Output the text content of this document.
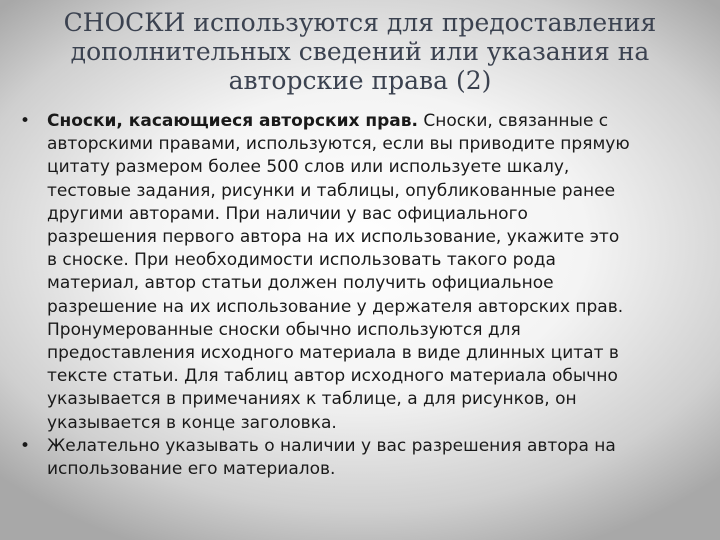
СНОСКИ используются для предоставления
дополнительных сведений или указания на
авторские права (2)
• Сноски, касающиеся авторских прав. Сноски, связанные с
авторскими правами, используются, если вы приводите прямую
цитату размером более 500 слов или используете шкалу,
тестовые задания, рисунки и таблицы, опубликованные ранее
другими авторами. При наличии у вас официального
разрешения первого автора на их использование, укажите это
в сноске. При необходимости использовать такого рода
материал, автор статьи должен получить официальное
разрешение на их использование у держателя авторских прав.
Пронумерованные сноски обычно используются для
предоставления исходного материала в виде длинных цитат в
тексте статьи. Для таблиц автор исходного материала обычно
указывается в примечаниях к таблице, а для рисунков, он
указывается в конце заголовка.
• Желательно указывать о наличии у вас разрешения автора на
использование его материалов.
